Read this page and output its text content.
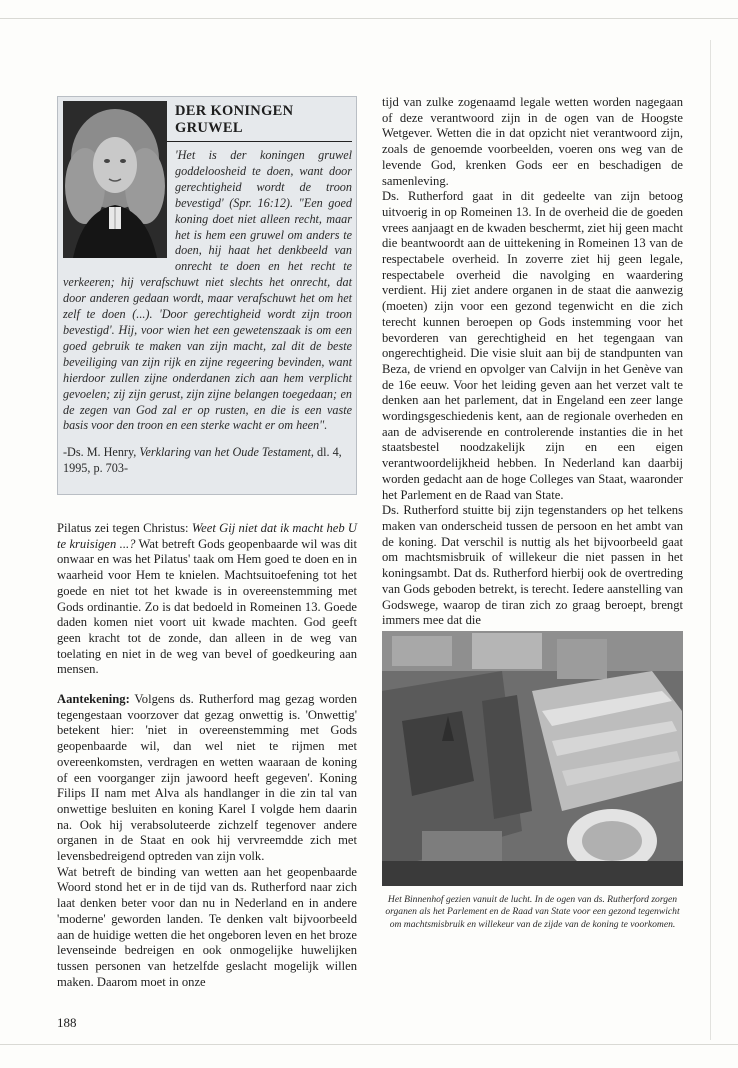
DER KONINGEN GRUWEL

'Het is der koningen gruwel goddeloosheid te doen, want door gerechtigheid wordt de troon bevestigd' (Spr. 16:12). "Een goed koning doet niet alleen recht, maar het is hem een gruwel om anders te doen, hij haat het denkbeeld van onrecht te doen en het recht te verkeeren; hij verafschuwt niet slechts het onrecht, dat door anderen gedaan wordt, maar verafschuwt het om het zelf te doen (...). 'Door gerechtigheid wordt zijn troon bevestigd'. Hij, voor wien het een gewetenszaak is om een goed gebruik te maken van zijn macht, zal dit de beste beveiliging van zijn rijk en zijne regeering bevinden, want hierdoor zullen zijne onderdanen zich aan hem verplicht gevoelen; zij zijn gerust, zijn zijne belangen toegedaan; en de zegen van God zal er op rusten, en die is een vaste basis voor den troon en een sterke wacht er om heen".

-Ds. M. Henry, Verklaring van het Oude Testament, dl. 4, 1995, p. 703-

Pilatus zei tegen Christus: Weet Gij niet dat ik macht heb U te kruisigen ...? Wat betreft Gods geopenbaarde wil was dit onwaar en was het Pilatus' taak om Hem goed te doen en in waarheid voor Hem te knielen. Machtsuitoefening tot het goede en niet tot het kwade is in overeenstemming met Gods ordinantie. Zo is dat bedoeld in Romeinen 13. Goede daden komen niet voort uit kwade machten. God geeft geen kracht tot de zonde, dan alleen in de weg van toelating en niet in de weg van bevel of goedkeuring aan mensen.

Aantekening: Volgens ds. Rutherford mag gezag worden tegengestaan voorzover dat gezag onwettig is. 'Onwettig' betekent hier: 'niet in overeenstemming met Gods geopenbaarde wil, dan wel niet te rijmen met overeenkomsten, verdragen en wetten waaraan de koning of een voorganger zijn jawoord heeft gegeven'. Koning Filips II nam met Alva als handlanger in die zin tal van onwettige besluiten en koning Karel I volgde hem daarin na. Ook hij verabsoluteerde zichzelf tegenover andere organen in de Staat en ook hij vervreemdde zich met levensbedreigend optreden van zijn volk.

Wat betreft de binding van wetten aan het geopenbaarde Woord stond het er in de tijd van ds. Rutherford naar zich laat denken beter voor dan nu in Nederland en in andere 'moderne' geworden landen. Te denken valt bijvoorbeeld aan de huidige wetten die het ongeboren leven en het broze levenseinde bedreigen en ook onmogelijke huwelijken tussen personen van hetzelfde geslacht mogelijk willen maken. Daarom moet in onze

tijd van zulke zogenaamd legale wetten worden nagegaan of deze verantwoord zijn in de ogen van de Hoogste Wetgever. Wetten die in dat opzicht niet verantwoord zijn, zoals de genoemde voorbeelden, voeren ons weg van de levende God, krenken Gods eer en beschadigen de samenleving.

Ds. Rutherford gaat in dit gedeelte van zijn betoog uitvoerig in op Romeinen 13. In de overheid die de goeden vrees aanjaagt en de kwaden beschermt, ziet hij geen macht die beantwoordt aan de uittekening in Romeinen 13 van de respectabele overheid. In zoverre ziet hij geen legale, respectabele overheid die navolging en waardering verdient. Hij ziet andere organen in de staat die aanwezig (moeten) zijn voor een gezond tegenwicht en die zich terecht kunnen beroepen op Gods instemming voor het bevorderen van gerechtigheid en het tegengaan van ongerechtigheid. Die visie sluit aan bij de standpunten van Beza, de vriend en opvolger van Calvijn in het Genève van de 16e eeuw. Voor het leiding geven aan het verzet valt te denken aan het parlement, dat in Engeland een zeer lange wordingsgeschiedenis kent, aan de regionale overheden en aan de adviserende en controlerende instanties die in het staatsbestel noodzakelijk zijn en een eigen verantwoordelijkheid hebben. In Nederland kan daarbij worden gedacht aan de hoge Colleges van Staat, waaronder het Parlement en de Raad van State.

Ds. Rutherford stuitte bij zijn tegenstanders op het telkens maken van onderscheid tussen de persoon en het ambt van de koning. Dat verschil is nuttig als het bijvoorbeeld gaat om machtsmisbruik of willekeur die niet passen in het koningsambt. Dat ds. Rutherford hierbij ook de overtreding van Gods geboden betrekt, is terecht. Iedere aanstelling van Godswege, waarop de tiran zich zo graag beroept, brengt immers mee dat die

Het Binnenhof gezien vanuit de lucht. In de ogen van ds. Rutherford zorgen organen als het Parlement en de Raad van State voor een gezond tegenwicht om machtsmisbruik en willekeur van de zijde van de koning te voorkomen.
188
